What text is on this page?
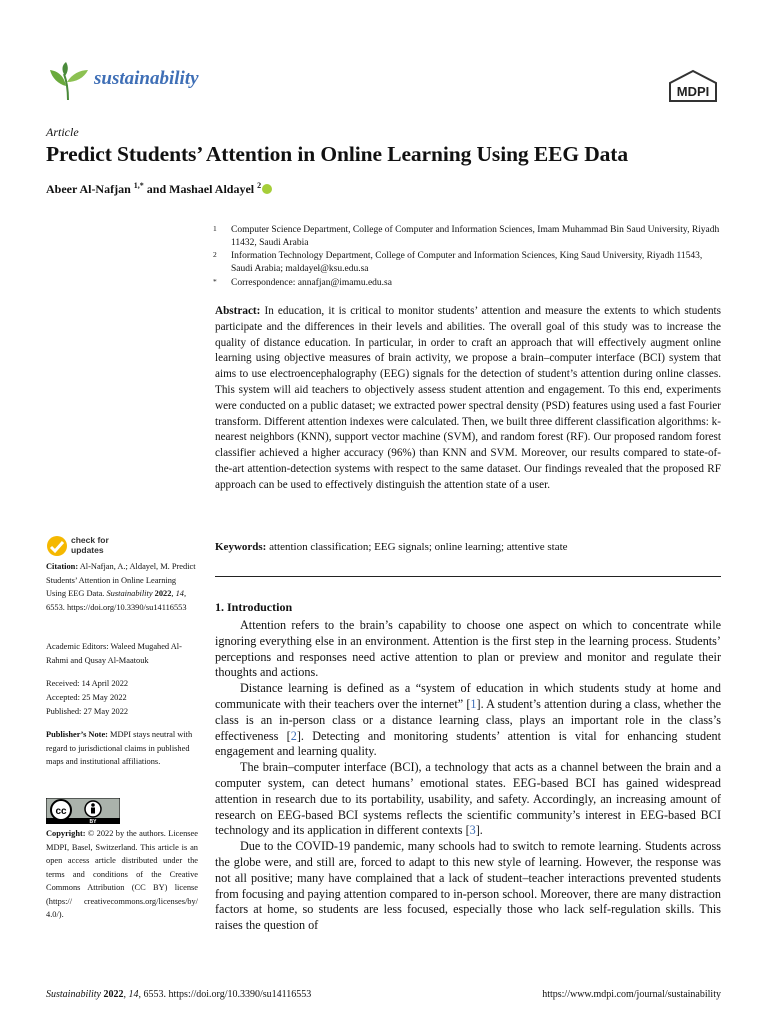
sustainability
MDPI
Article
Predict Students’ Attention in Online Learning Using EEG Data
Abeer Al-Nafjan $^{1,*}$ and Mashael Aldayel $^2$
1 Computer Science Department, College of Computer and Information Sciences, Imam Muhammad Bin Saud University, Riyadh 11432, Saudi Arabia
2 Information Technology Department, College of Computer and Information Sciences, King Saud University, Riyadh 11543, Saudi Arabia; maldayel@ksu.edu.sa
* Correspondence: annafjan@imamu.edu.sa
Abstract: In education, it is critical to monitor students’ attention and measure the extents to which students participate and the differences in their levels and abilities. The overall goal of this study was to increase the quality of distance education. In particular, in order to craft an approach that will effectively augment online learning using objective measures of brain activity, we propose a brain–computer interface (BCI) system that aims to use electroencephalography (EEG) signals for the detection of student’s attention during online classes. This system will aid teachers to objectively assess student attention and engagement. To this end, experiments were conducted on a public dataset; we extracted power spectral density (PSD) features using used a fast Fourier transform. Different attention indexes were calculated. Then, we built three different classification algorithms: k-nearest neighbors (KNN), support vector machine (SVM), and random forest (RF). Our proposed random forest classifier achieved a higher accuracy (96%) than KNN and SVM. Moreover, our results compared to state-of-the-art attention-detection systems with respect to the same dataset. Our findings revealed that the proposed RF approach can be used to effectively distinguish the attention state of a user.
Keywords: attention classification; EEG signals; online learning; attentive state
1. Introduction

Attention refers to the brain’s capability to choose one aspect on which to concentrate while ignoring everything else in an environment. Attention is the first step in the learning process. Students’ perceptions and responses need active attention to plan or preview and monitor and regulate their thoughts and actions.

Distance learning is defined as a “system of education in which students study at home and communicate with their teachers over the internet” [1]. A student’s attention during a class, whether the class is an in-person class or a distance learning class, plays an important role in the class’s effectiveness [2]. Detecting and monitoring students’ attention is vital for enhancing student engagement and learning quality.

The brain–computer interface (BCI), a technology that acts as a channel between the brain and a computer system, can detect humans’ emotional states. EEG-based BCI has gained widespread attention in research due to its portability, usability, and safety. Accordingly, an increasing amount of research on EEG-based BCI systems reflects the scientific community’s interest in EEG-based BCI technology and its application in different contexts [3].

Due to the COVID-19 pandemic, many schools had to switch to remote learning. Students across the globe were, and still are, forced to adapt to this new style of learning. However, the response was not all positive; many have complained that a lack of student–teacher interactions prevented students from focusing and paying attention compared to in-person school. Moreover, there are many distraction factors at home, so students are less focused, especially those who lack self-regulation skills. This raises the question of

check for
updates
Citation: Al-Nafjan, A.; Aldayel, M. Predict Students’ Attention in Online Learning Using EEG Data. Sustainability 2022, 14, 6553. https://doi.org/10.3390/su14116553
Academic Editors: Waleed Mugahed Al-Rahmi and Qusay Al-Maatouk
Received: 14 April 2022
Accepted: 25 May 2022
Published: 27 May 2022
Publisher’s Note: MDPI stays neutral with regard to jurisdictional claims in published maps and institutional affiliations.
cc
BY
Copyright: © 2022 by the authors. Licensee MDPI, Basel, Switzerland. This article is an open access article distributed under the terms and conditions of the Creative Commons Attribution (CC BY) license (https:// creativecommons.org/licenses/by/ 4.0/).
Sustainability 2022, 14, 6553. https://doi.org/10.3390/su14116553	https://www.mdpi.com/journal/sustainability
